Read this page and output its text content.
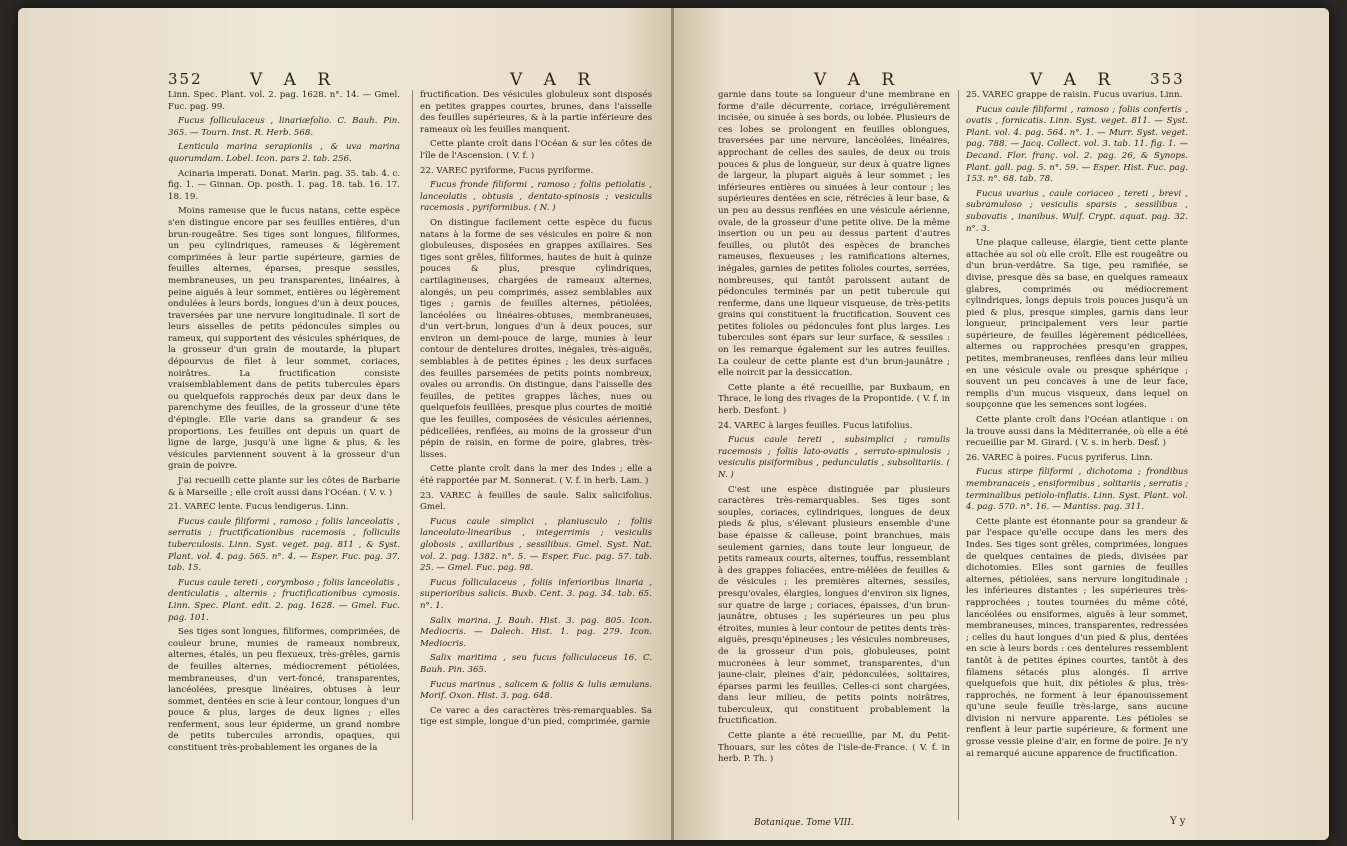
352	V A R	V A R

Linn. Spec. Plant. vol. 2. pag. 1628. n°. 14. — Gmel. Fuc. pag. 99.

Fucus folliculaceus , linariæfolio. C. Bauh. Pin. 365. — Tourn. Inst. R. Herb. 568.

Lenticula marina serapioniis , & uva marina quorumdam. Lobel. Icon. pars 2. tab. 256.

Acinaria imperati. Donat. Marin. pag. 35. tab. 4. c. fig. 1. — Ginnan. Op. posth. 1. pag. 18. tab. 16. 17. 18. 19.

Moins rameuse que le fucus natans, cette espèce s'en distingue encore par ses feuilles entières, d'un brun-rougeâtre. Ses tiges sont longues, filiformes, un peu cylindriques, rameuses & légèrement comprimées à leur partie supérieure, garnies de feuilles alternes, éparses, presque sessiles, membraneuses, un peu transparentes, linéaires, à peine aiguës à leur sommet, entières ou légèrement ondulées à leurs bords, longues d'un à deux pouces, traversées par une nervure longitudinale. Il sort de leurs aisselles de petits pédoncules simples ou rameux, qui supportent des vésicules sphériques, de la grosseur d'un grain de moutarde, la plupart dépourvus de filet à leur sommet, coriaces, noirâtres. La fructification consiste vraisemblablement dans de petits tubercules épars ou quelquefois rapprochés deux par deux dans le parenchyme des feuilles, de la grosseur d'une tête d'épingle. Elle varie dans sa grandeur & ses proportions. Les feuilles ont depuis un quart de ligne de large, jusqu'à une ligne & plus, & les vésicules parviennent souvent à la grosseur d'un grain de poivre.

J'ai recueilli cette plante sur les côtes de Barbarie & à Marseille ; elle croît aussi dans l'Océan. ( V. v. )

21. VAREC lente. Fucus lendigerus. Linn.

Fucus caule filiformi , ramoso ; foliis lanceolatis , serratis ; fructificationibus racemosis , folliculis tuberculosis. Linn. Syst. veget. pag. 811 , & Syst. Plant. vol. 4. pag. 565. n°. 4. — Esper. Fuc. pag. 37. tab. 15.

Fucus caule tereti , corymboso ; foliis lanceolatis , denticulatis , alternis ; fructificationibus cymosis. Linn. Spec. Plant. edit. 2. pag. 1628. — Gmel. Fuc. pag. 101.

Ses tiges sont longues, filiformes, comprimées, de couleur brune, munies de rameaux nombreux, alternes, étalés, un peu flexueux, très-grêles, garnis de feuilles alternes, médiocrement pétiolées, membraneuses, d'un vert-foncé, transparentes, lancéolées, presque linéaires, obtuses à leur sommet, dentées en scie à leur contour, longues d'un pouce & plus, larges de deux lignes ; elles renferment, sous leur épiderme, un grand nombre de petits tubercules arrondis, opaques, qui constituent très-probablement les organes de la

fructification. Des vésicules globuleux sont disposés en petites grappes courtes, brunes, dans l'aisselle des feuilles supérieures, & à la partie inférieure des rameaux où les feuilles manquent.

Cette plante croît dans l'Océan & sur les côtes de l'île de l'Ascension. ( V. f. )

22. VAREC pyriforme, Fucus pyriforme.

Fucus fronde filiformi , ramoso ; foliis petiolatis , lanceolatis , obtusis , dentato-spinosis ; vesiculis racemosis , pyriformibus. ( N. )

On distingue facilement cette espèce du fucus natans à la forme de ses vésicules en poire & non globuleuses, disposées en grappes axillaires. Ses tiges sont grêles, filiformes, hautes de huit à quinze pouces & plus, presque cylindriques, cartilagineuses, chargées de rameaux alternes, alongés, un peu comprimés, assez semblables aux tiges ; garnis de feuilles alternes, pétiolées, lancéolées ou linéaires-obtuses, membraneuses, d'un vert-brun, longues d'un à deux pouces, sur environ un demi-pouce de large, munies à leur contour de dentelures droites, inégales, très-aiguës, semblables à de petites épines ; les deux surfaces des feuilles parsemées de petits points nombreux, ovales ou arrondis. On distingue, dans l'aisselle des feuilles, de petites grappes lâches, nues ou quelquefois feuillées, presque plus courtes de moitié que les feuilles, composées de vésicules aériennes, pédicellées, renflées, au moins de la grosseur d'un pépin de raisin, en forme de poire, glabres, très-lisses.

Cette plante croît dans la mer des Indes ; elle a été rapportée par M. Sonnerat. ( V. f. in herb. Lam. )

23. VAREC à feuilles de saule. Salix salicifolius. Gmel.

Fucus caule simplici , planiusculo ; foliis lanceolato-linearibus , integerrimis ; vesiculis globosis , axillaribus , sessilibus. Gmel. Syst. Nat. vol. 2. pag. 1382. n°. 5. — Esper. Fuc. pag. 57. tab. 25. — Gmel. Fuc. pag. 98.

Fucus folliculaceus , foliis inferioribus linaria , superioribus salicis. Buxb. Cent. 3. pag. 34. tab. 65. n°. 1.

Salix marina. J. Bauh. Hist. 3. pag. 805. Icon. Mediocris. — Dalech. Hist. 1. pag. 279. Icon. Mediocris.

Salix maritima , seu fucus folliculaceus 16. C. Bauh. Pin. 365.

Fucus marinus , salicem & foliis & lulis æmulans. Morif. Oxon. Hist. 3. pag. 648.

Ce varec a des caractères très-remarquables. Sa tige est simple, longue d'un pied, comprimée, garnie

V A R	V A R 353

garnie dans toute sa longueur d'une membrane en forme d'aile décurrente, coriace, irrégulièrement incisée, ou sinuée à ses bords, ou lobée. Plusieurs de ces lobes se prolongent en feuilles oblongues, traversées par une nervure, lancéolées, linéaires, approchant de celles des saules, de deux ou trois pouces & plus de longueur, sur deux à quatre lignes de largeur, la plupart aiguës à leur sommet ; les inférieures entières ou sinuées à leur contour ; les supérieures dentées en scie, rétrécies à leur base, & un peu au dessus renflées en une vésicule aérienne, ovale, de la grosseur d'une petite olive. De la même insertion ou un peu au dessus partent d'autres feuilles, ou plutôt des espèces de branches rameuses, flexueuses ; les ramifications alternes, inégales, garnies de petites folioles courtes, serrées, nombreuses, qui tantôt paroissent autant de pédoncules terminés par un petit tubercule qui renferme, dans une liqueur visqueuse, de très-petits grains qui constituent la fructification. Souvent ces petites folioles ou pédoncules font plus larges. Les tubercules sont épars sur leur surface, & sessiles : on les remarque également sur les autres feuilles. La couleur de cette plante est d'un brun-jaunâtre ; elle noircit par la dessiccation.

Cette plante a été recueillie, par Buxbaum, en Thrace, le long des rivages de la Propontide. ( V. f. in herb. Desfont. )

24. VAREC à larges feuilles. Fucus latifolius.

Fucus caule tereti , subsimplici ; ramulis racemosis ; foliis lato-ovatis , serrato-spinulosis ; vesiculis pisiformibus , pedunculatis , subsolitariis. ( N. )

C'est une espèce distinguée par plusieurs caractères très-remarquables. Ses tiges sont souples, coriaces, cylindriques, longues de deux pieds & plus, s'élevant plusieurs ensemble d'une base épaisse & calleuse, point branchues, mais seulement garnies, dans toute leur longueur, de petits rameaux courts, alternes, touffus, ressemblant à des grappes foliacées, entre-mêlées de feuilles & de vésicules ; les premières alternes, sessiles, presqu'ovales, élargies, longues d'environ six lignes, sur quatre de large ; coriaces, épaisses, d'un brun-jaunâtre, obtuses ; les supérieures un peu plus étroites, munies à leur contour de petites dents très-aiguës, presqu'épineuses ; les vésicules nombreuses, de la grosseur d'un pois, globuleuses, point mucronées à leur sommet, transparentes, d'un jaune-clair, pleines d'air, pédonculées, solitaires, éparses parmi les feuilles. Celles-ci sont chargées, dans leur milieu, de petits points noirâtres, tuberculeux, qui constituent probablement la fructification.

Cette plante a été recueillie, par M. du Petit-Thouars, sur les côtes de l'isle-de-France. ( V. f. in herb. P. Th. )

25. VAREC grappe de raisin. Fucus uvarius. Linn.

Fucus caule filiformi , ramoso ; foliis confertis , ovatis , fornicatis. Linn. Syst. veget. 811. — Syst. Plant. vol. 4. pag. 564. n°. 1. — Murr. Syst. veget. pag. 788. — Jacq. Collect. vol. 3. tab. 11. fig. 1. — Decand. Flor. franç. vol. 2. pag. 26, & Synops. Plant. gall. pag. 5. n°. 59. — Esper. Hist. Fuc. pag. 153. n°. 68. tab. 78.

Fucus uvarius , caule coriaceo , tereti , brevi , subramuloso ; vesiculis sparsis , sessilibus , subovatis , inanibus. Wulf. Crypt. aquat. pag. 32. n°. 3.

Une plaque calleuse, élargie, tient cette plante attachée au sol où elle croît. Elle est rougeâtre ou d'un brun-verdâtre. Sa tige, peu ramifiée, se divise, presque dès sa base, en quelques rameaux glabres, comprimés ou médiocrement cylindriques, longs depuis trois pouces jusqu'à un pied & plus, presque simples, garnis dans leur longueur, principalement vers leur partie supérieure, de feuilles légèrement pédicellées, alternes ou rapprochées presqu'en grappes, petites, membraneuses, renflées dans leur milieu en une vésicule ovale ou presque sphérique ; souvent un peu concaves à une de leur face, remplis d'un mucus visqueux, dans lequel on soupçonne que les semences sont logées.

Cette plante croît dans l'Océan atlantique : on la trouve aussi dans la Méditerranée, où elle a été recueillie par M. Girard. ( V. s. in herb. Desf. )

26. VAREC à poires. Fucus pyriferus. Linn.

Fucus stirpe filiformi , dichotoma ; frondibus membranaceis , ensiformibus , solitariis , serratis ; terminalibus petiolo-inflatis. Linn. Syst. Plant. vol. 4. pag. 570. n°. 16. — Mantiss. pag. 311.

Cette plante est étonnante pour sa grandeur & par l'espace qu'elle occupe dans les mers des Indes. Ses tiges sont grêles, comprimées, longues de quelques centaines de pieds, divisées par dichotomies. Elles sont garnies de feuilles alternes, pétiolées, sans nervure longitudinale ; les inférieures distantes ; les supérieures très-rapprochées ; toutes tournées du même côté, lancéolées ou ensiformes, aiguës à leur sommet, membraneuses, minces, transparentes, redressées ; celles du haut longues d'un pied & plus, dentées en scie à leurs bords : ces dentelures ressemblent tantôt à de petites épines courtes, tantôt à des filamens sétacés plus alongés. Il arrive quelquefois que huit, dix pétioles & plus, très-rapprochés, ne forment à leur épanouissement qu'une seule feuille très-large, sans aucune division ni nervure apparente. Les pétioles se renflent à leur partie supérieure, & forment une grosse vessie pleine d'air, en forme de poire. Je n'y ai remarqué aucune apparence de fructification.

Botanique. Tome VIII.	Y y
